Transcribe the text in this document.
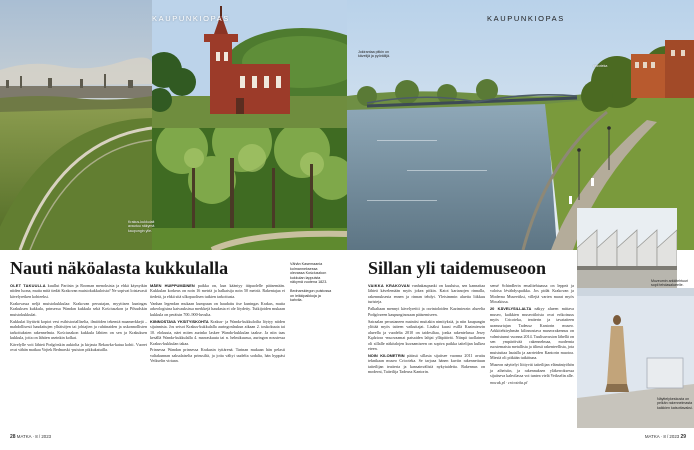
KAUPUNKIOPAS
Krakus-kukkulalt avautuu näkymä kaupungin ylle.
Nauti näköalasta kukkulalla

OLET TAKUULLA kuullut Pariisin ja Rooman menoksista ja ehkä käynytkin niiden luona, mutta mitä tiedät Krakovan muistokukkuloista? Ne sopivat loistavasti kävelyretken kohteeksi.

Krakovassa neljä muistokukkulaa: Krakovan perustajan, myyttisen kuningas Krakuksen kukkula, prinsessa Wandan kukkula sekä Kościuszkon ja Piłsudskin muistokukkulat.

Kukkulat löytävät kopiot vesi esihistorialliselta, ilmiöiden tekemiä maamerkkejä – mahdollisesti haudattujen ylhäisöjen tai johtajien ja ruhtinaiden ja uskonnollisten tarkoituksten rakennelmia. Kościuszkon kukkula lähtien on sen ja Krakuksen kukkula, joita on lähtien useinkin kolkat.

Kävelylle voit lähteä Podgórskin aukiolta ja kirjasta Rekawka-katua kohti. Vuoret ovat vähän matkaa Vojtek Bednarski -puiston pikkukatuilla.

MÄEN HUIPPUMÄINEN paikka on, kun kääntyy itäpuolelle pääsemään. Kukkulan korkeus on noin 16 metriä ja halkaisija noin 50 metriä. Rakentajaa ei tiedetä, ja ehkä sitä ulkopuolisen tutkien tarkoitusta.

Vanhan legendan mukaan kumpuun on haudattu itse kuningas Krakus, mutta arkeologisina kaivauksissa merkkejä haudasta ei ole löydetty. Tutkijoiden mukaan kukkula on peräisin 700–900-luvulta.

KIINNOSTAVA YKSITYISKOHTA Krakus- ja Wanda-kukkuloilta löytyy niiden sijainnista. Jos seisot Krakus-kukkulalla auringonlaskun aikaan 2. toukokuuta tai 10. elokuuta, näet miten aurinko laskee Wanda-kukkulan taakse. Ja niin taas kesällä Wanda-kukkulalla 4. marraskuuta tai n. helmikuussa, auringon noustessa Krakus-kukkulan takaa.

Prinsessa Wandan prinsessa Krakusin tyttärenä. Tarinan mukaan hän pelasti valtakunnan saksalaiselta prinssiltä, ja jotta vältyi uudelta sodalta, hän hyppäsi Veikselin virtaan.

Vähän Kasemaania kolmanneksessa olevassa Kościuszkon kukkulan lappuista näkymä vuotena 1823.

Bednarskiegon puistossa on leikkipaikkoja ja kahvila.

28 MATKA · 8 / 2023
KAUPUNKIOPAS
cricoteka
Jokirantaa pitkin on kävelijä ja pyöräilijä.
Muzeumin arkkitehtuuri sopii tehdasalueelle.
Näyttelykeskusta on pelkän rakennelmasta kaikkien katsottavaksi.
Sillan yli taidemuseoon

VAIKKA KRAKOVAN vanhakaupunki on kuuluisa, sen kannattaa lähteä kävelemään myös jokea pitkin. Katot kartanojen rinnalla, rakennuksesta ennen ja rinnan tehdyt. Yleisimmin aluetta liikkuu turisteja.

Palkaltaan mennyt kävelyreitti ja ravintoloiden Kazimierzin alueelta Podgórzeen kaupunginosaan pääsemiseen.

Sairaalan perustaneen mainitsi muitakin nimityksiä, ja niin kaupungin ylittää myös taiteen vaikuttajat. Lisäksi kuusi esillä Kazimierzin alueella ja vuodelta 2010 on taidesiltaa, jonka rakentelussa Jerzy Kędziora -muovaamat patsaiden lahjat ylläpitävät. Niinpä tuollainen oli sillalle näköalojen kuvaamiseen on sopiva paikka taitelijan kulkea eteen.

NOIN KILOMETRIN päässä sillasta sijaitsee vuonna 2011 avattu teknikaan museo Cricoteka. Se tarjoaa hänen kuviin rakennettuun taiteilijan teatteria ja kansainvälistä nykytaidetta. Rakennus on moderni, Taiteilija Tadeusz Kantorin.

sensé Schindlerin emalitehtaassa on leppeä ja valoisa lévähdyspaikka. Jos pidät Krakovan ja Moderna Museetiksi, villejtä varten marat myös Mocakissa.

20 KÄVELYSILLALTA näkyy alueen mittava museo, kaikkien museotiloista ovat erikoisuus myös Cricoteka, teatterin ja tavataiteen uranuurtajan Tadeusz Kantorin museo. Arkkitehtiryhmän kilinnostava museorakennus on valmistunut vuonna 2014. Tuulisuvuston lähellä on sen ympäröivää rakennelmaa, modernia ruostemaista metallista ja tilinsä rakenteellista, jota muistuttaa lautalla ja aarrteiden Kantorin muotoa. Miestä oli pitkään tutkittuna.

Museon näyttelyt liittyvät taiteilijan elämäntyöhön ja aiheisiin, ja rakennuksen yläkerroksessa sijaitseva kahvilassa voi tuntea vielä Veikselin alle.

mocak.pl · cricoteka.pl

MATKA · 8 / 2023 29
